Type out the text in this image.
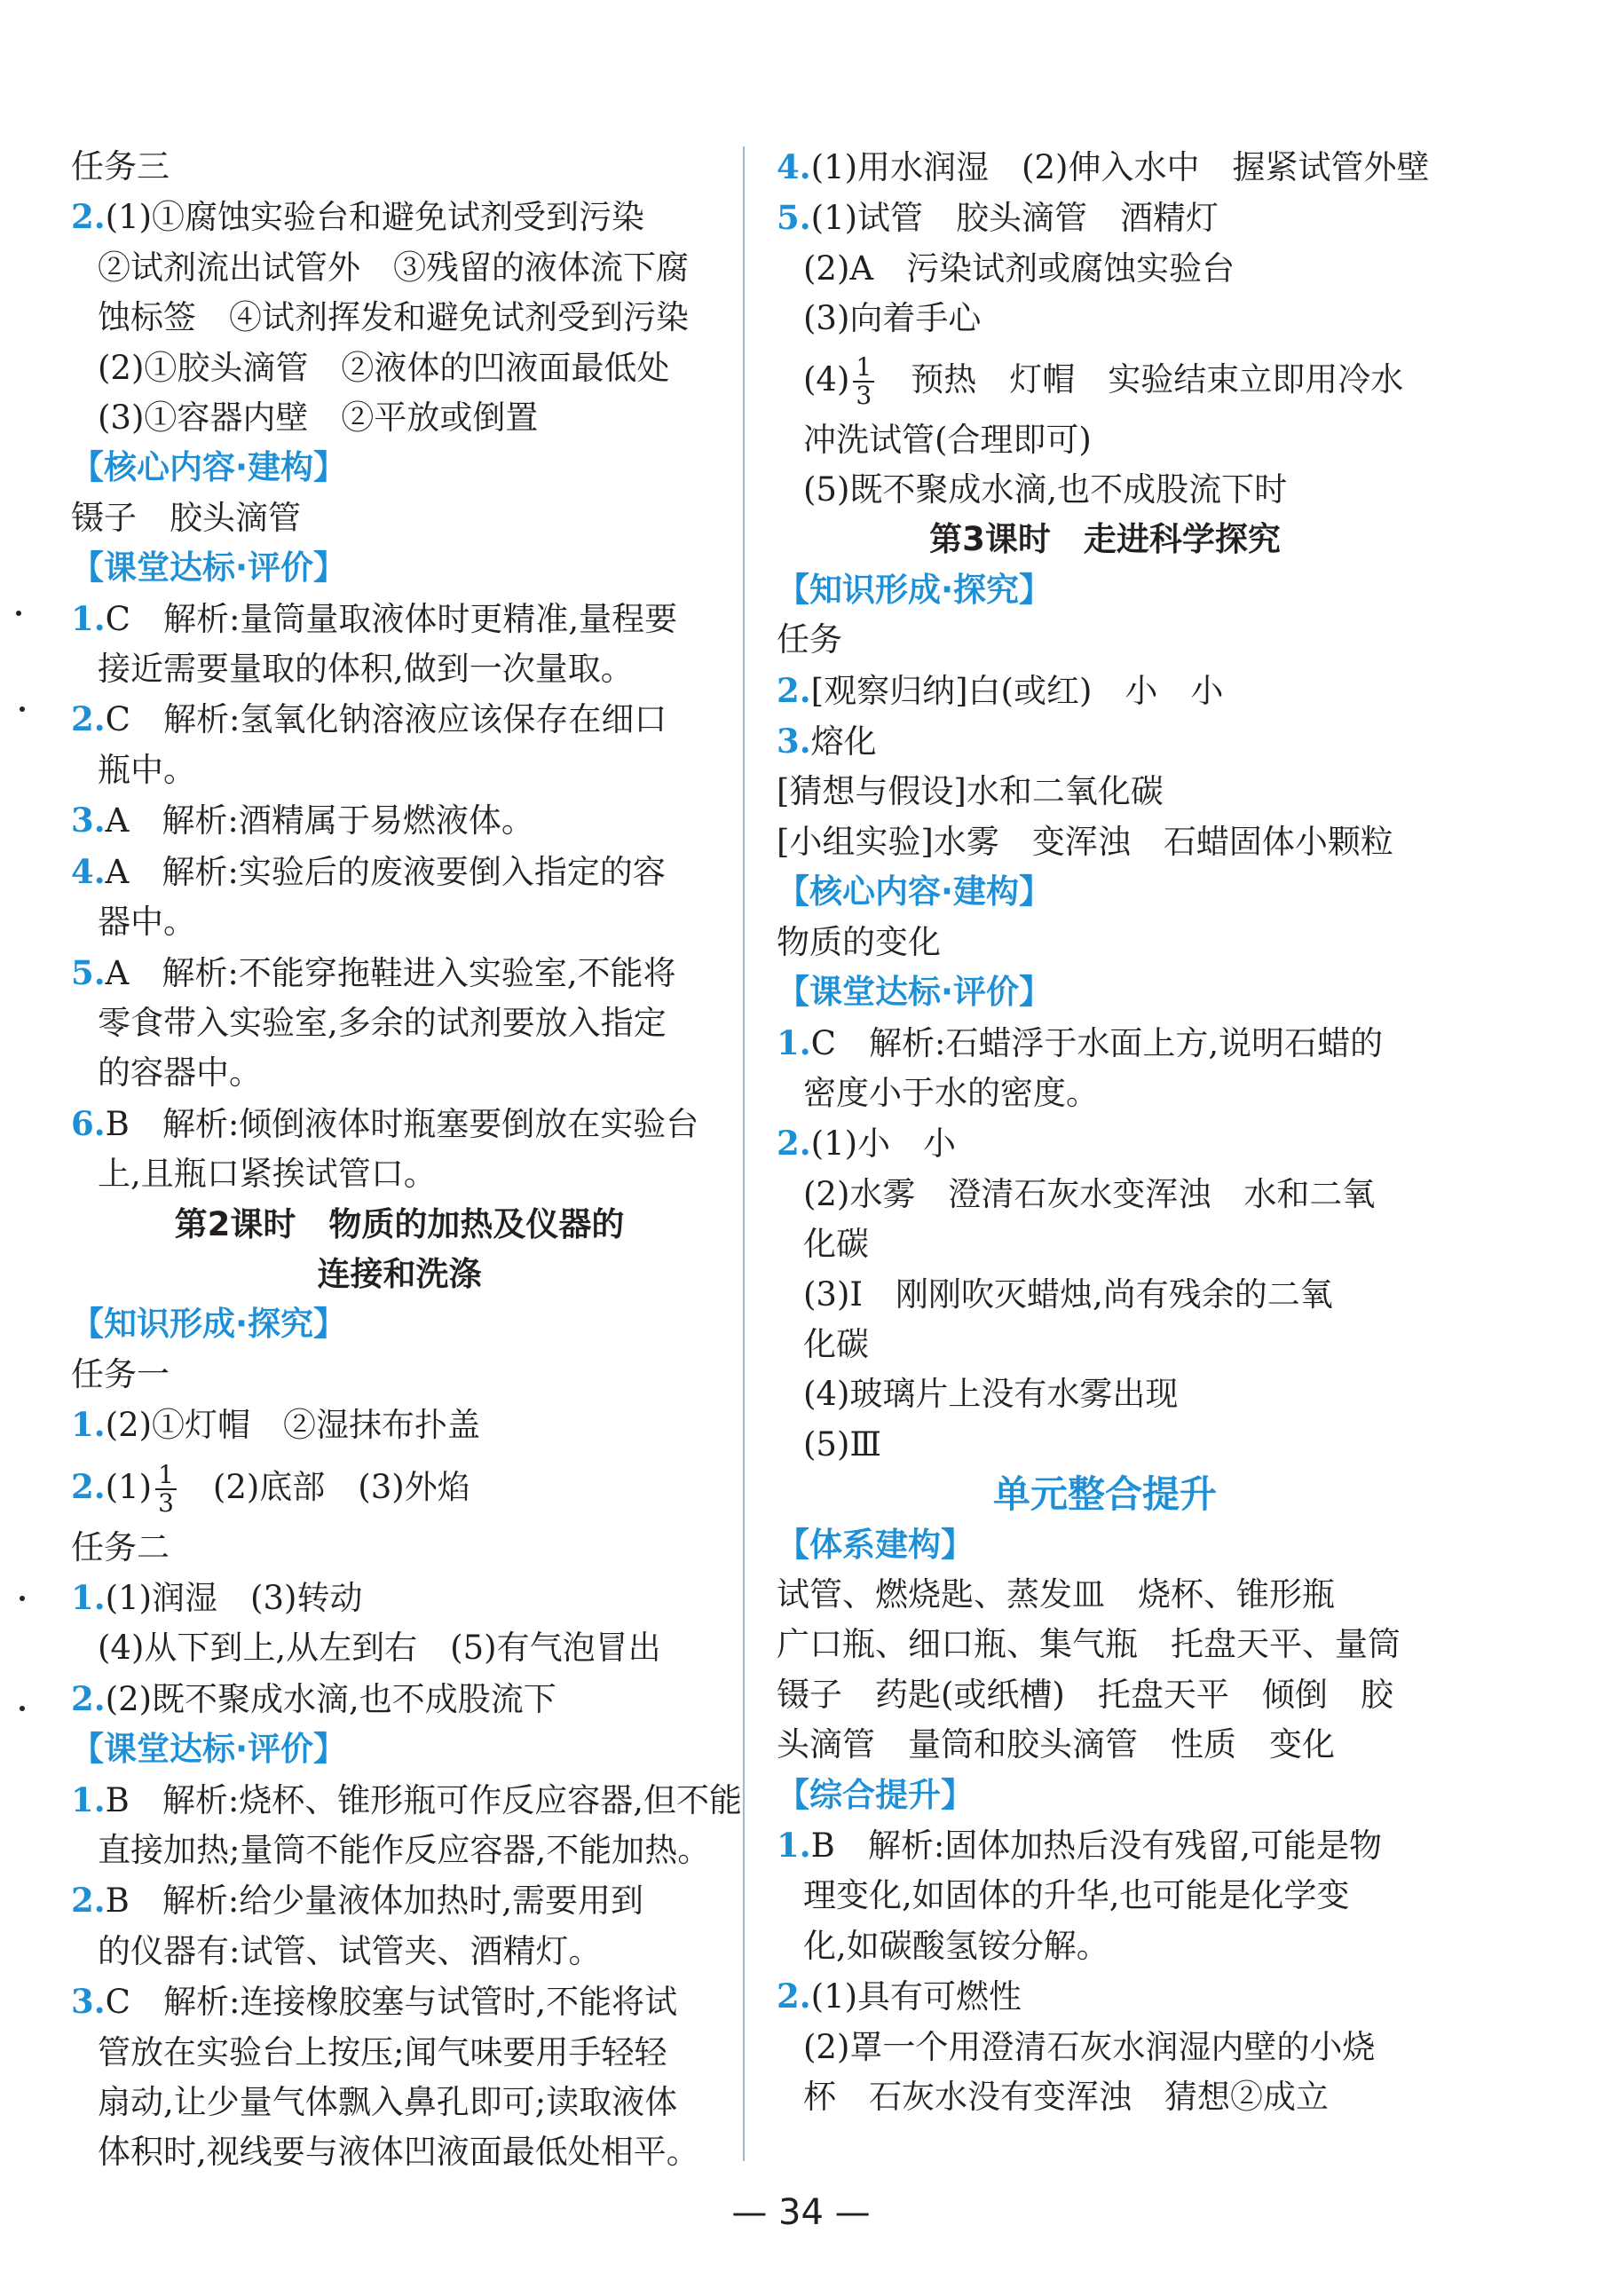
任务三
2.(1)①腐蚀实验台和避免试剂受到污染
②试剂流出试管外　③残留的液体流下腐
蚀标签　④试剂挥发和避免试剂受到污染
(2)①胶头滴管　②液体的凹液面最低处
(3)①容器内壁　②平放或倒置
【核心内容·建构】
镊子　胶头滴管
【课堂达标·评价】
1.C　解析:量筒量取液体时更精准,量程要
接近需要量取的体积,做到一次量取。
2.C　解析:氢氧化钠溶液应该保存在细口
瓶中。
3.A　解析:酒精属于易燃液体。
4.A　解析:实验后的废液要倒入指定的容
器中。
5.A　解析:不能穿拖鞋进入实验室,不能将
零食带入实验室,多余的试剂要放入指定
的容器中。
6.B　解析:倾倒液体时瓶塞要倒放在实验台
上,且瓶口紧挨试管口。
第2课时　物质的加热及仪器的
连接和洗涤
【知识形成·探究】
任务一
1.(2)①灯帽　②湿抹布扑盖
$2.(1) \frac{1}{3}$ 　(2)底部　(3)外焰
任务二
1.(1)润湿　(3)转动
(4)从下到上,从左到右　(5)有气泡冒出
2.(2)既不聚成水滴,也不成股流下
【课堂达标·评价】
1.B　解析:烧杯、锥形瓶可作反应容器,但不能
直接加热;量筒不能作反应容器,不能加热。
2.B　解析:给少量液体加热时,需要用到
的仪器有:试管、试管夹、酒精灯。
3.C　解析:连接橡胶塞与试管时,不能将试
管放在实验台上按压;闻气味要用手轻轻
扇动,让少量气体飘入鼻孔即可;读取液体
体积时,视线要与液体凹液面最低处相平。
4.(1)用水润湿　(2)伸入水中　握紧试管外壁
5.(1)试管　胶头滴管　酒精灯
(2)A　污染试剂或腐蚀实验台
(3)向着手心
$(4) \frac{1}{3}$ 　预热　灯帽　实验结束立即用冷水
冲洗试管(合理即可)
(5)既不聚成水滴,也不成股流下时
第3课时　走进科学探究
【知识形成·探究】
任务
2.[观察归纳]白(或红)　小　小
3.熔化
[猜想与假设]水和二氧化碳
[小组实验]水雾　变浑浊　石蜡固体小颗粒
【核心内容·建构】
物质的变化
【课堂达标·评价】
1.C　解析:石蜡浮于水面上方,说明石蜡的
密度小于水的密度。
2.(1)小　小
(2)水雾　澄清石灰水变浑浊　水和二氧
化碳
(3)Ⅰ　刚刚吹灭蜡烛,尚有残余的二氧
化碳
(4)玻璃片上没有水雾出现
(5)Ⅲ
单元整合提升
【体系建构】
试管、燃烧匙、蒸发皿　烧杯、锥形瓶
广口瓶、细口瓶、集气瓶　托盘天平、量筒
镊子　药匙(或纸槽)　托盘天平　倾倒　胶
头滴管　量筒和胶头滴管　性质　变化
【综合提升】
1.B　解析:固体加热后没有残留,可能是物
理变化,如固体的升华,也可能是化学变
化,如碳酸氢铵分解。
2.(1)具有可燃性
(2)罩一个用澄清石灰水润湿内壁的小烧
杯　石灰水没有变浑浊　猜想②成立
— 34 —
